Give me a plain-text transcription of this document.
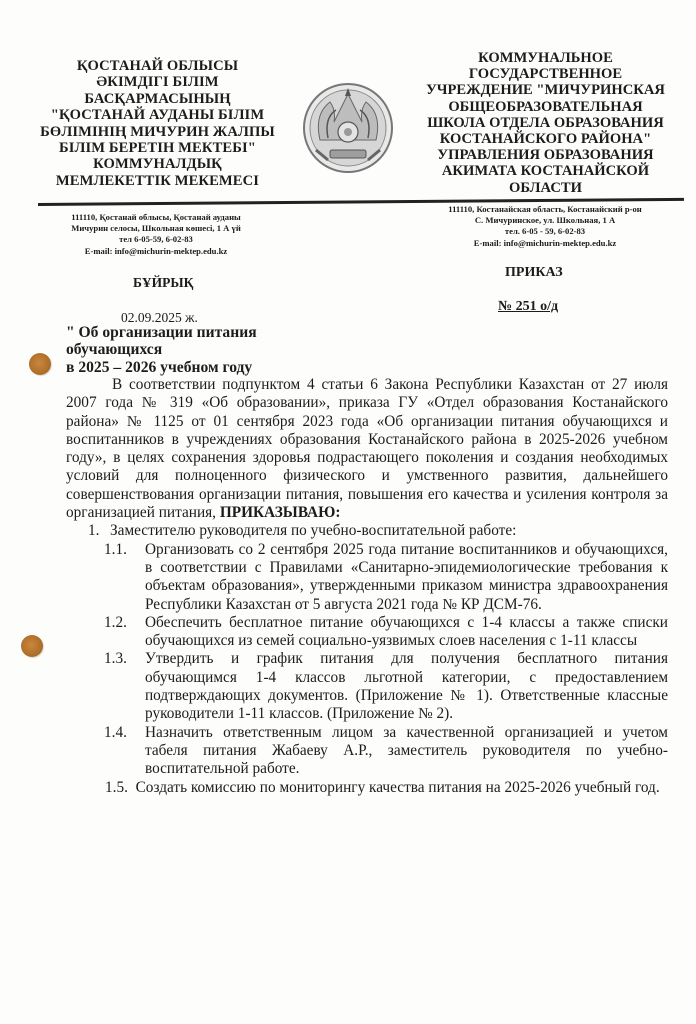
ҚОСТАНАЙ ОБЛЫСЫ
ӘКІМДІГІ БІЛІМ
БАСҚАРМАСЫНЫҢ
"ҚОСТАНАЙ АУДАНЫ БІЛІМ
БӨЛІМІНІҢ МИЧУРИН ЖАЛПЫ
БІЛІМ БЕРЕТІН МЕКТЕБІ"
КОММУНАЛДЫҚ
МЕМЛЕКЕТТІК МЕКЕМЕСІ
КОММУНАЛЬНОЕ
ГОСУДАРСТВЕННОЕ
УЧРЕЖДЕНИЕ "МИЧУРИНСКАЯ
ОБЩЕОБРАЗОВАТЕЛЬНАЯ
ШКОЛА ОТДЕЛА ОБРАЗОВАНИЯ
КОСТАНАЙСКОГО РАЙОНА"
УПРАВЛЕНИЯ ОБРАЗОВАНИЯ
АКИМАТА КОСТАНАЙСКОЙ
ОБЛАСТИ
111110, Қостанай облысы, Қостанай ауданы
Мичурин селосы, Школьная көшесі, 1 А үй
тел 6-05-59, 6-02-83
E-mail: info@michurin-mektep.edu.kz
111110, Костанайская область, Костанайский р-он
С. Мичуринское, ул. Школьная, 1 А
тел. 6-05 - 59, 6-02-83
E-mail: info@michurin-mektep.edu.kz
БҰЙРЫҚ
ПРИКАЗ
№ 251 о/д
02.09.2025 ж.
" Об организации питания
обучающихся
в 2025 – 2026 учебном году

В соответствии подпунктом 4 статьи 6 Закона Республики Казахстан от 27 июля 2007 года № 319 «Об образовании», приказа ГУ «Отдел образования Костанайского района» № 1125 от 01 сентября 2023 года «Об организации питания обучающихся и воспитанников в учреждениях образования Костанайского района в 2025-2026 учебном году», в целях сохранения здоровья подрастающего поколения и создания необходимых условий для полноценного физического и умственного развития, дальнейшего совершенствования организации питания, повышения его качества и усиления контроля за организацией питания, ПРИКАЗЫВАЮ:

1. Заместителю руководителя по учебно-воспитательной работе:

1.1. Организовать со 2 сентября 2025 года питание воспитанников и обучающихся, в соответствии с Правилами «Санитарно-эпидемиологические требования к объектам образования», утвержденными приказом министра здравоохранения Республики Казахстан от 5 августа 2021 года № КР ДСМ-76.

1.2. Обеспечить бесплатное питание обучающихся с 1-4 классы а также списки обучающихся из семей социально-уязвимых слоев населения с 1-11 классы

1.3. Утвердить и график питания для получения бесплатного питания обучающимся 1-4 классов льготной категории, с предоставлением подтверждающих документов. (Приложение № 1). Ответственные классные руководители 1-11 классов. (Приложение № 2).

1.4. Назначить ответственным лицом за качественной организацией и учетом табеля питания Жабаеву А.Р., заместитель руководителя по учебно-воспитательной работе.

1.5. Создать комиссию по мониторингу качества питания на 2025-2026 учебный год.
